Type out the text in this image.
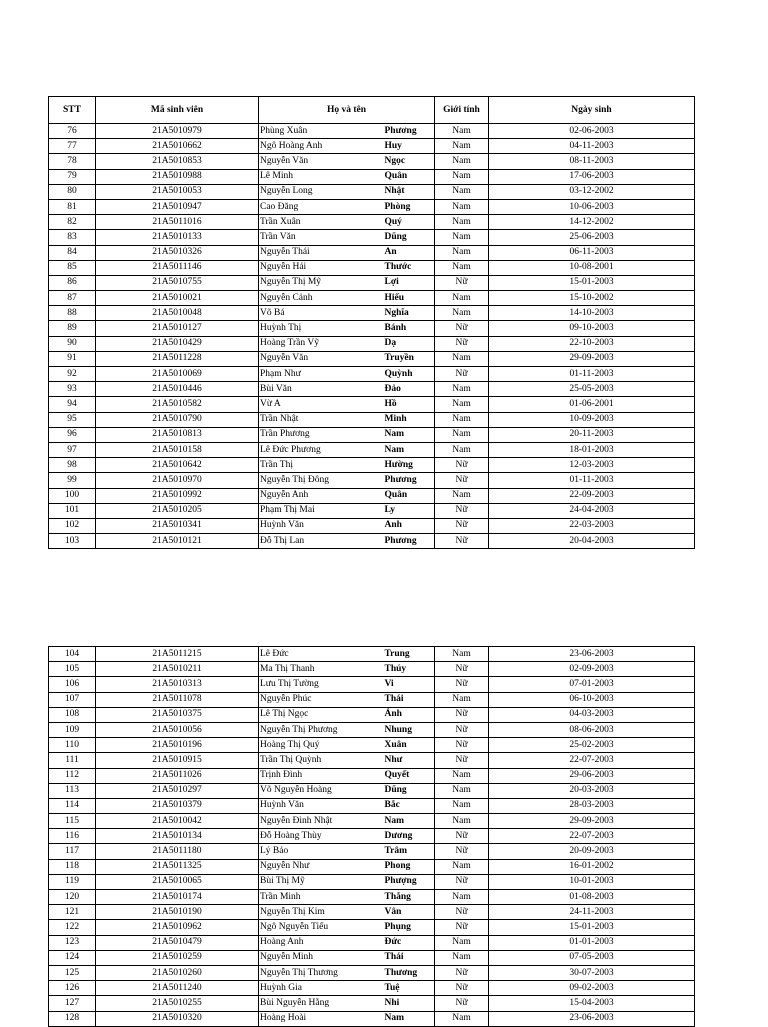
STT	Mã sinh viên	Họ và tên		Giới tính	Ngày sinh
76	21A5010979	Phùng Xuân	Phương	Nam	02-06-2003
77	21A5010662	Ngô Hoàng Anh	Huy	Nam	04-11-2003
78	21A5010853	Nguyễn Văn	Ngọc	Nam	08-11-2003
79	21A5010988	Lê Minh	Quân	Nam	17-06-2003
80	21A5010053	Nguyễn Long	Nhật	Nam	03-12-2002
81	21A5010947	Cao Đăng	Phòng	Nam	10-06-2003
82	21A5011016	Trần Xuân	Quý	Nam	14-12-2002
83	21A5010133	Trần Văn	Dũng	Nam	25-06-2003
84	21A5010326	Nguyễn Thái	An	Nam	06-11-2003
85	21A5011146	Nguyễn Hải	Thước	Nam	10-08-2001
86	21A5010755	Nguyễn Thị Mỹ	Lợi	Nữ	15-01-2003
87	21A5010021	Nguyễn Cảnh	Hiếu	Nam	15-10-2002
88	21A5010048	Võ Bá	Nghĩa	Nam	14-10-2003
89	21A5010127	Huỳnh Thị	Bánh	Nữ	09-10-2003
90	21A5010429	Hoàng Trần Vỹ	Dạ	Nữ	22-10-2003
91	21A5011228	Nguyễn Văn	Truyền	Nam	29-09-2003
92	21A5010069	Phạm Như	Quỳnh	Nữ	01-11-2003
93	21A5010446	Bùi Văn	Đảo	Nam	25-05-2003
94	21A5010582	Vừ A	Hồ	Nam	01-06-2001
95	21A5010790	Trần Nhật	Minh	Nam	10-09-2003
96	21A5010813	Trần Phương	Nam	Nam	20-11-2003
97	21A5010158	Lê Đức Phương	Nam	Nam	18-01-2003
98	21A5010642	Trần Thị	Hường	Nữ	12-03-2003
99	21A5010970	Nguyễn Thị Đông	Phương	Nữ	01-11-2003
100	21A5010992	Nguyễn Anh	Quân	Nam	22-09-2003
101	21A5010205	Phạm Thị Mai	Ly	Nữ	24-04-2003
102	21A5010341	Huỳnh Văn	Anh	Nữ	22-03-2003
103	21A5010121	Đỗ Thị Lan	Phương	Nữ	20-04-2003
104	21A5011215	Lê Đức	Trung	Nam	23-06-2003
105	21A5010211	Ma Thị Thanh	Thúy	Nữ	02-09-2003
106	21A5010313	Lưu Thị Tường	Vi	Nữ	07-01-2003
107	21A5011078	Nguyễn Phúc	Thái	Nam	06-10-2003
108	21A5010375	Lê Thị Ngọc	Ánh	Nữ	04-03-2003
109	21A5010056	Nguyễn Thị Phương	Nhung	Nữ	08-06-2003
110	21A5010196	Hoàng Thị Quý	Xuân	Nữ	25-02-2003
111	21A5010915	Trần Thị Quỳnh	Như	Nữ	22-07-2003
112	21A5011026	Trịnh Đình	Quyết	Nam	29-06-2003
113	21A5010297	Võ Nguyễn Hoàng	Dũng	Nam	20-03-2003
114	21A5010379	Huỳnh Văn	Bắc	Nam	28-03-2003
115	21A5010042	Nguyễn Đình Nhật	Nam	Nam	29-09-2003
116	21A5010134	Đỗ Hoàng Thùy	Dương	Nữ	22-07-2003
117	21A5011180	Lý Bảo	Trâm	Nữ	20-09-2003
118	21A5011325	Nguyễn Như	Phong	Nam	16-01-2002
119	21A5010065	Bùi Thị Mỹ	Phượng	Nữ	10-01-2003
120	21A5010174	Trần Minh	Thắng	Nam	01-08-2003
121	21A5010190	Nguyễn Thị Kim	Vân	Nữ	24-11-2003
122	21A5010962	Ngô Nguyễn Tiểu	Phụng	Nữ	15-01-2003
123	21A5010479	Hoàng Anh	Đức	Nam	01-01-2003
124	21A5010259	Nguyễn Minh	Thái	Nam	07-05-2003
125	21A5010260	Nguyễn Thị Thương	Thương	Nữ	30-07-2003
126	21A5011240	Huỳnh Gia	Tuệ	Nữ	09-02-2003
127	21A5010255	Bùi Nguyễn Hằng	Nhi	Nữ	15-04-2003
128	21A5010320	Hoàng Hoài	Nam	Nam	23-06-2003
